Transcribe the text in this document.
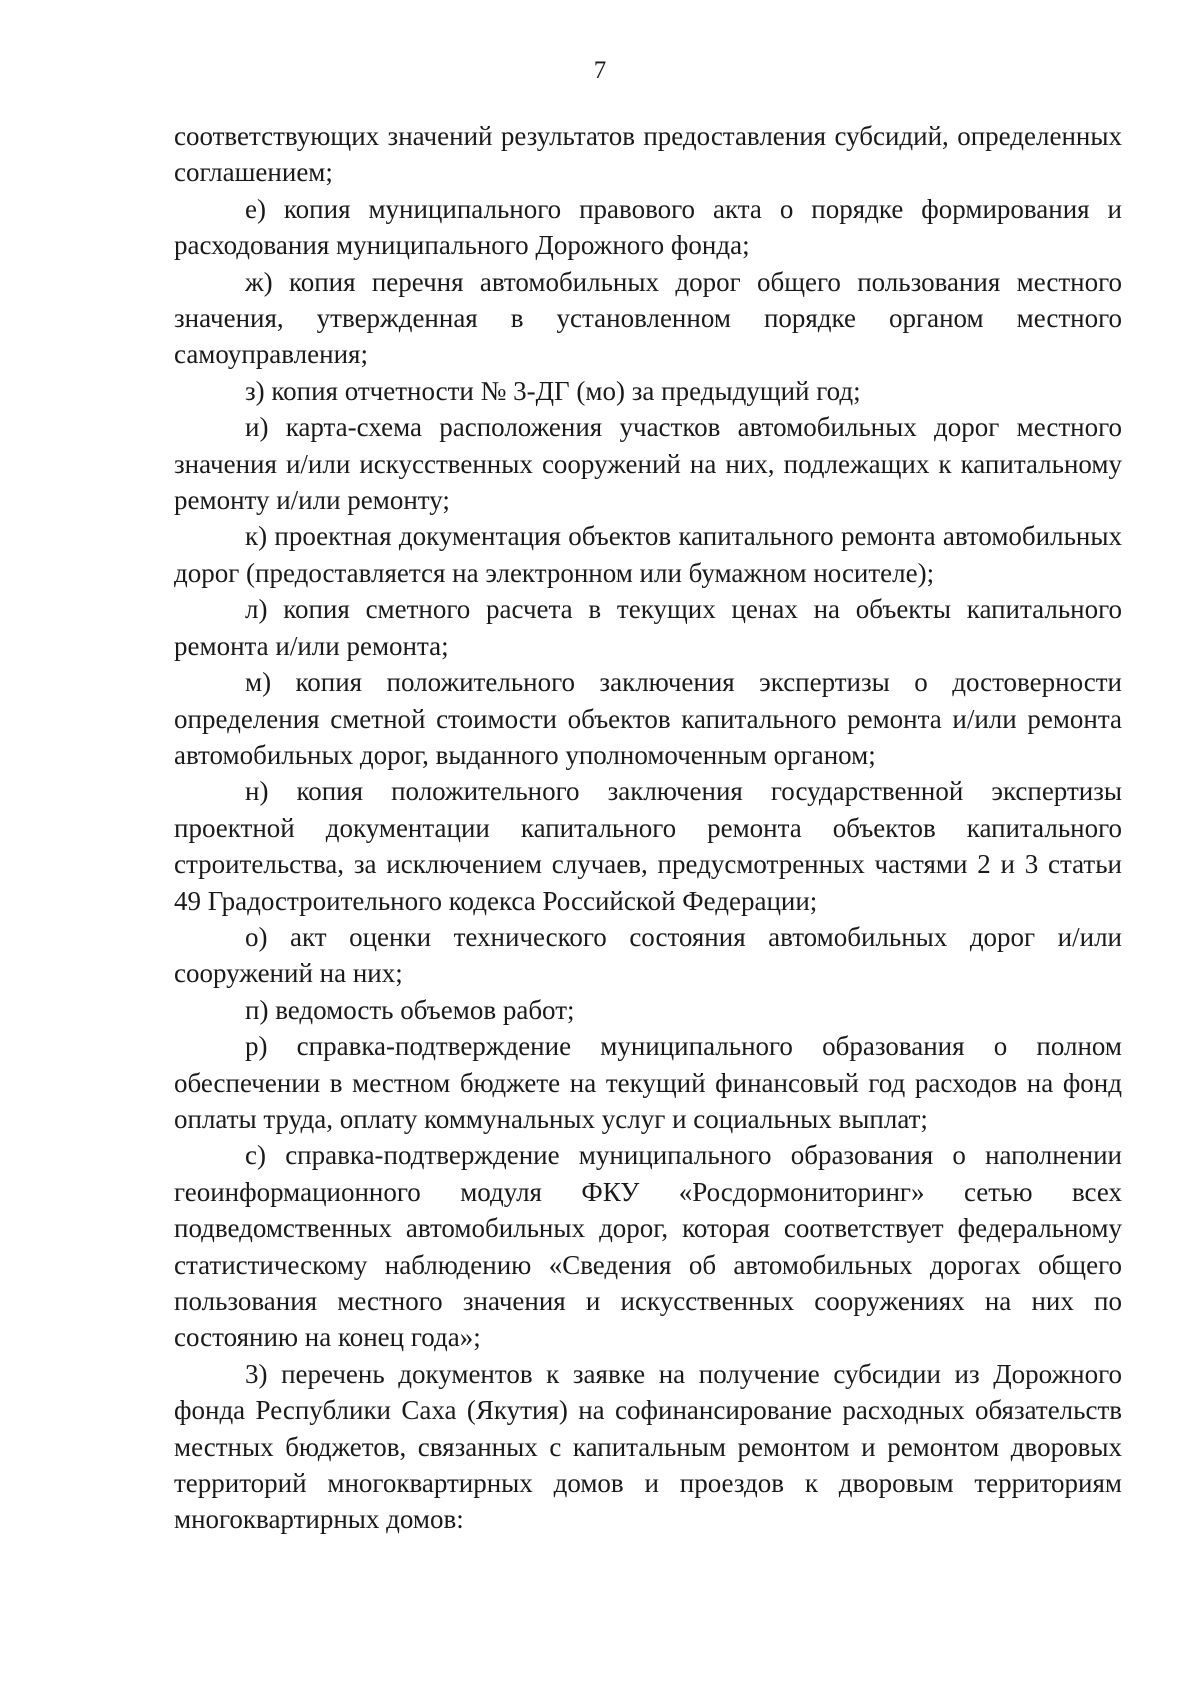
7

соответствующих значений результатов предоставления субсидий, определенных соглашением;

е) копия муниципального правового акта о порядке формирования и расходования муниципального Дорожного фонда;

ж) копия перечня автомобильных дорог общего пользования местного значения, утвержденная в установленном порядке органом местного самоуправления;

з) копия отчетности № 3-ДГ (мо) за предыдущий год;

и) карта-схема расположения участков автомобильных дорог местного значения и/или искусственных сооружений на них, подлежащих к капитальному ремонту и/или ремонту;

к) проектная документация объектов капитального ремонта автомобильных дорог (предоставляется на электронном или бумажном носителе);

л) копия сметного расчета в текущих ценах на объекты капитального ремонта и/или ремонта;

м) копия положительного заключения экспертизы о достоверности определения сметной стоимости объектов капитального ремонта и/или ремонта автомобильных дорог, выданного уполномоченным органом;

н) копия положительного заключения государственной экспертизы проектной документации капитального ремонта объектов капитального строительства, за исключением случаев, предусмотренных частями 2 и 3 статьи 49 Градостроительного кодекса Российской Федерации;

о) акт оценки технического состояния автомобильных дорог и/или сооружений на них;

п) ведомость объемов работ;

р) справка-подтверждение муниципального образования о полном обеспечении в местном бюджете на текущий финансовый год расходов на фонд оплаты труда, оплату коммунальных услуг и социальных выплат;

с) справка-подтверждение муниципального образования о наполнении геоинформационного модуля ФКУ «Росдормониторинг» сетью всех подведомственных автомобильных дорог, которая соответствует федеральному статистическому наблюдению «Сведения об автомобильных дорогах общего пользования местного значения и искусственных сооружениях на них по состоянию на конец года»;

3) перечень документов к заявке на получение субсидии из Дорожного фонда Республики Саха (Якутия) на софинансирование расходных обязательств местных бюджетов, связанных с капитальным ремонтом и ремонтом дворовых территорий многоквартирных домов и проездов к дворовым территориям многоквартирных домов:
